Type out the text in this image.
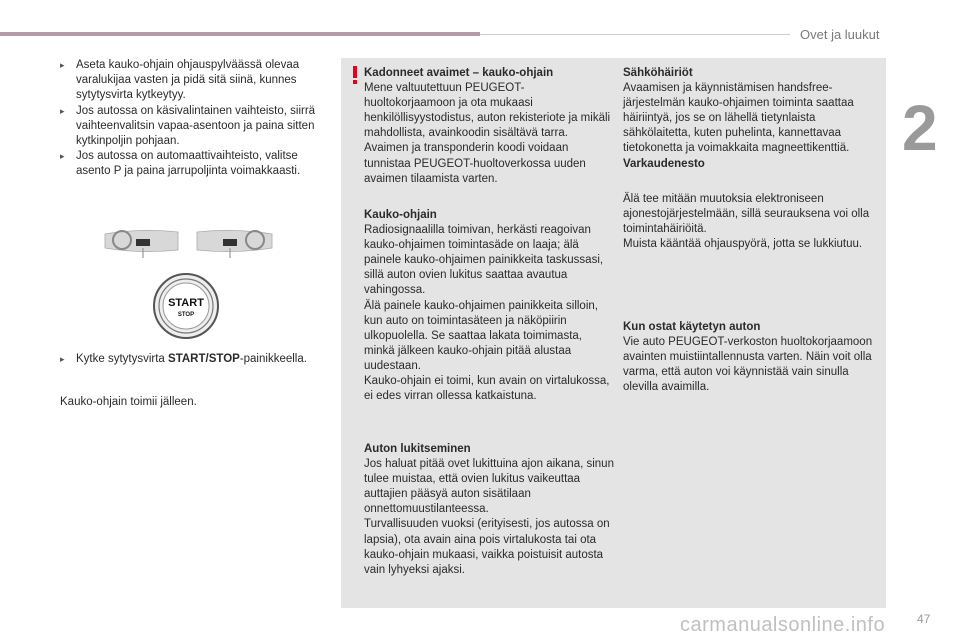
Ovet ja luukut
2

▸ Aseta kauko-ohjain ohjauspylväässä olevaa varalukijaa vasten ja pidä sitä siinä, kunnes sytytysvirta kytkeytyy.

▸ Jos autossa on käsivalintainen vaihteisto, siirrä vaihteenvalitsin vapaa-asentoon ja paina sitten kytkinpoljin pohjaan.

▸ Jos autossa on automaattivaihteisto, valitse asento P ja paina jarrupoljinta voimakkaasti.

START
STOP

▸ Kytke sytytysvirta START/STOP-painikkeella.

Kauko-ohjain toimii jälleen.
Kadonneet avaimet – kauko-ohjain

Mene valtuutettuun PEUGEOT-huoltokorjaamoon ja ota mukaasi henkilöllisyystodistus, auton rekisteriote ja mikäli mahdollista, avainkoodin sisältävä tarra.

Avaimen ja transponderin koodi voidaan tunnistaa PEUGEOT-huoltoverkossa uuden avaimen tilaamista varten.

Kauko-ohjain

Radiosignaalilla toimivan, herkästi reagoivan kauko-ohjaimen toimintasäde on laaja; älä painele kauko-ohjaimen painikkeita taskussasi, sillä auton ovien lukitus saattaa avautua vahingossa.

Älä painele kauko-ohjaimen painikkeita silloin, kun auto on toimintasäteen ja näköpiirin ulkopuolella. Se saattaa lakata toimimasta, minkä jälkeen kauko-ohjain pitää alustaa uudestaan.

Kauko-ohjain ei toimi, kun avain on virtalukossa, ei edes virran ollessa katkaistuna.

Auton lukitseminen

Jos haluat pitää ovet lukittuina ajon aikana, sinun tulee muistaa, että ovien lukitus vaikeuttaa auttajien pääsyä auton sisätilaan onnettomuustilanteessa.

Turvallisuuden vuoksi (erityisesti, jos autossa on lapsia), ota avain aina pois virtalukosta tai ota kauko-ohjain mukaasi, vaikka poistuisit autosta vain lyhyeksi ajaksi.

Sähköhäiriöt

Avaamisen ja käynnistämisen handsfree-järjestelmän kauko-ohjaimen toiminta saattaa häiriintyä, jos se on lähellä tietynlaista sähkölaitetta, kuten puhelinta, kannettavaa tietokonetta ja voimakkaita magneettikenttiä.

Varkaudenesto

Älä tee mitään muutoksia elektroniseen ajonestojärjestelmään, sillä seurauksena voi olla toimintahäiriöitä.

Muista kääntää ohjauspyörä, jotta se lukkiutuu.

Kun ostat käytetyn auton

Vie auto PEUGEOT-verkoston huoltokorjaamoon avainten muistiintallennusta varten. Näin voit olla varma, että auton voi käynnistää vain sinulla olevilla avaimilla.

carmanualsonline.info	47
